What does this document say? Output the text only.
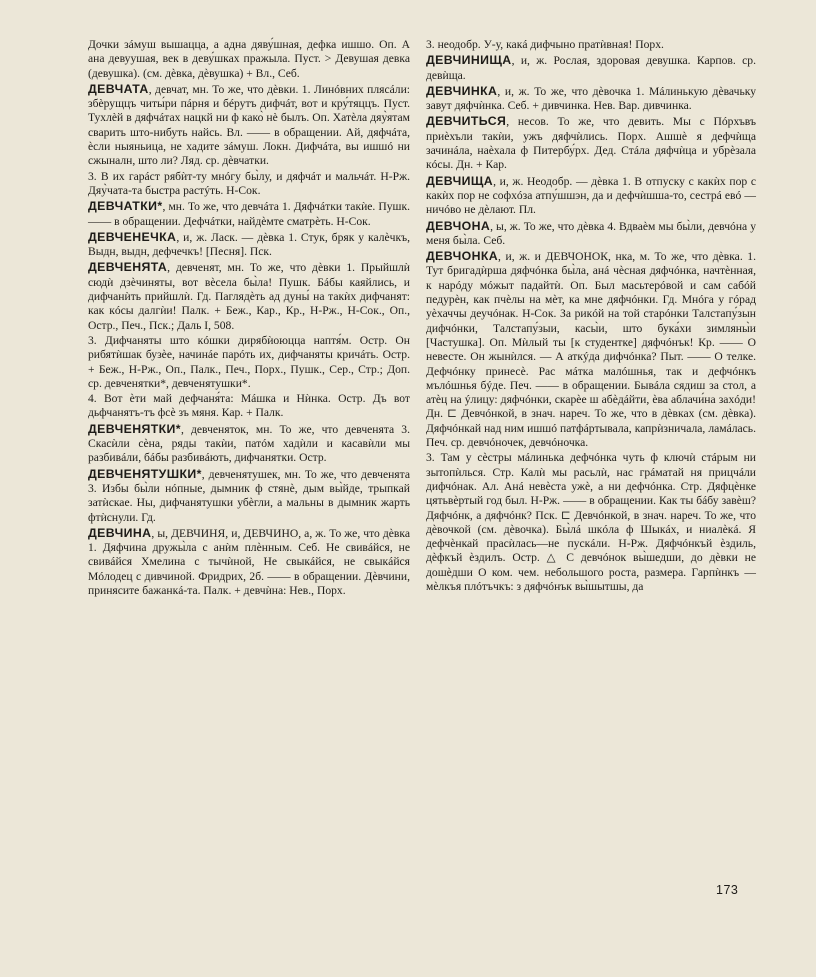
Дочки зáмуш вышацца, а адна дяву́шная, дефка ишшо. Оп. А ана девуушая, век в деву́шках пражыла. Пуст. > Девушая девка (девушка). (см. дѐвка, дѐвушка) + Вл., Себ.

ДЕВЧАТА, девчат, мн. То же, что дѐвки. 1. Линóвних плясáли: збèрущцъ читы́ри пáрня и бéрутъ дифчáт, вот и кру́тяццъ. Пуст. Тухлèй в дяфчáтах нацкй ни ф како̀ нè былъ. Оп. Хатѐла дяу̀ятам сварить што-нибуть найсь. Вл. —— в обращении. Ай, дяфчáта, ѐсли ныяньица, не хадите зáмуш. Локн. Дифчáта, вы ишшó ни сжыналн, што ли? Ляд. ср. дѐвчатки.

3. В их гарáст рябѝт-ту мнóгу бы̀лу, и дяфчáт и мальчáт. Н-Рж. Дяу̀чата-та быстра растýть. Н-Сок.

ДЕВЧАТКИ*, мн. То же, что девчáта 1. Дяфчáтки такѝе. Пушк. —— в обращении. Дефчáтки, найдѐмте сматрѐть. Н-Сок.

ДЕВЧЕНЕЧКА, и, ж. Ласк. — дѐвка 1. Стук, бряк у калѐчкъ, Выдн, выдн, дефчечкъ! [Песня]. Пск.

ДЕВЧЕНЯТА, девченят, мн. То же, что дѐвки 1. Прыйшлѝ сюдѝ дзѐчиняты, вот вѐсела бы̀ла! Пушк. Бáбы каяйлись, и дифчанѝть прийшлѝ. Гд. Паглядѐть ад дуны́ на такѝх дифчанят: как кóсы далгѝи! Палк. + Беж., Кар., Кр., Н-Рж., Н-Сок., Оп., Остр., Печ., Пск.; Даль I, 508.

3. Дифчаняты што кóшки дирябѝоюцца наптя́м. Остр. Он рибятѝшак бузѐе, начинáе парóть их, дифчаняты кричáть. Остр. + Беж., Н-Рж., Оп., Палк., Печ., Порх., Пушк., Сер., Стр.; Доп. ср. девченятки*, девченятушки*.

4. Вот ѐти май дефчаня́та: Мáшка и Нѝнка. Остр. Дъ вот дьфчанятъ-тъ фсѐ зъ мяня. Кар. + Палк.

ДЕВЧЕНЯТКИ*, девченяток, мн. То же, что девченята 3. Скасѝли сѐна, ряды такѝи, патóм хадѝли и касавѝли мы разбивáли, бáбы разбивáють, дифчанятки. Остр.

ДЕВЧЕНЯТУШКИ*, девченятушек, мн. То же, что девченята 3. Избы бы̀ли нóпные, дымник ф стянѐ, дым вы̀йде, трыпкай затѝскае. Ны, дифчанятушки убѐгли, а мальны в дымник жарть фтѝснули. Гд.

ДЕВЧИНА, ы, ДЕВЧИНЯ, и, ДЕВЧИНО, а, ж. То же, что дѐвка 1. Дяфчина дружы̀ла с анѝм плѐнным. Себ. Не свивáйся, не свивáйся Хмелина с тычѝной, Не свыкáйся, не свыкáйся Мóлодец с дивчиной. Фридрих, 2б. —— в обращении. Дѐвчини, принясите бажанкá-та. Палк. + девчѝна: Нев., Порх.

3. неодобр. У-у, какá дифчыно пратѝвная! Порх.

ДЕВЧИНИЩА, и, ж. Рослая, здоровая девушка. Карпов. ср. девѝща.

ДЕВЧИНКА, и, ж. То же, что дѐвочка 1. Мáлинькую дѐвачьку завут дяфчѝнка. Себ. + дивчинка. Нев. Вар. дивчинка.

ДЕВЧИТЬСЯ, несов. То же, что девить. Мы с Пóрхъвъ приѐхъли такѝи, ужъ дяфчѝлись. Порх. Ашшѐ я дефчѝща зачинáла, наѐхала ф Питербу́рх. Дед. Стáла дяфчѝца и убрѐзала кóсы. Дн. + Кар.

ДЕВЧИЩА, и, ж. Неодобр. — дѐвка 1. В отпуску с какѝх пор с какѝх пор не софхóза атпу́шшэн, да и дефчѝшша-то, сестрá евó — ничóво не дѐлают. Пл.

ДЕВЧОНА, ы, ж. То же, что дѐвка 4. Вдваѐм мы бы̀ли, девчóна у меня бы̀ла. Себ.

ДЕВЧОНКА, и, ж. и ДЕВЧОНОК, нка, м. То же, что дѐвка. 1. Тут бригадѝрша дяфчóнка бы̀ла, анá чѐсная дяфчóнка, начтѐнная, к нарóду мóжыт падайтѝ. Оп. Был масьтерóвой и сам сабóй педурѐн, как пчѐлы на мѐт, ка мне дяфчóнки. Гд. Мнóга у гóрад уѐхаччы деучóнак. Н-Сок. За рикóй на той старóнки Талстапу́зын дифчóнки, Талстапу́зыи, касы̀и, што бука́хи зимляны̀и [Частушка]. Оп. Мѝлый ты [к студентке] дяфчóнък! Кр. —— О невесте. Он жынѝлся. — А аткýда дифчóнка? Пыт. —— О телке. Дефчóнку принесѐ. Рас мáтка малóшнья, так и дефчóнкъ мълóшнья бýде. Печ. —— в обращении. Бывáла сядиш за стол, а атѐц на ýлицу: дяфчóнки, скарѐе ш абѐдáйти, ѐва аблачи́на захóди! Дн. ⊏ Девчóнкой, в знач. нареч. То же, что в дѐвках (см. дѐвка). Дяфчóнкай над ним ишшó патфáртывала, капрѝзничала, ламáлась. Печ. ср. девчóночек, девчóночка.

3. Там у сѐстры мáлинька дефчóнка чуть ф ключѝ стáрым ни зытопѝлься. Стр. Калѝ мы расьлѝ, нас грáматай ня прицчáли дифчóнак. Ал. Анá невѐста ужѐ, а ни дефчóнка. Стр. Дяфцѐнке цятьвѐртый год был. Н-Рж. —— в обращении. Как ты бáбу завѐш? Дяфчóнк, а дяфчóнк? Пск. ⊏ Девчóнкой, в знач. нареч. То же, что дѐвочкой (см. дѐвочка). Бы̀лá шкóла ф Шыкáх, и ниалѐкá. Я дефчѐнкай прасѝлась—не пускáли. Н-Рж. Дяфчóнкъй ѐздиль, дѐфкъй ѐздилъ. Остр. △ С девчóнок вы̀шедши, до дѐвки не дошѐдши О ком. чем. небольшого роста, размера. Гарпѝнкъ — мѐлкъя плóтъчкъ: з дяфчóнък вы̀шытшы, да

173
